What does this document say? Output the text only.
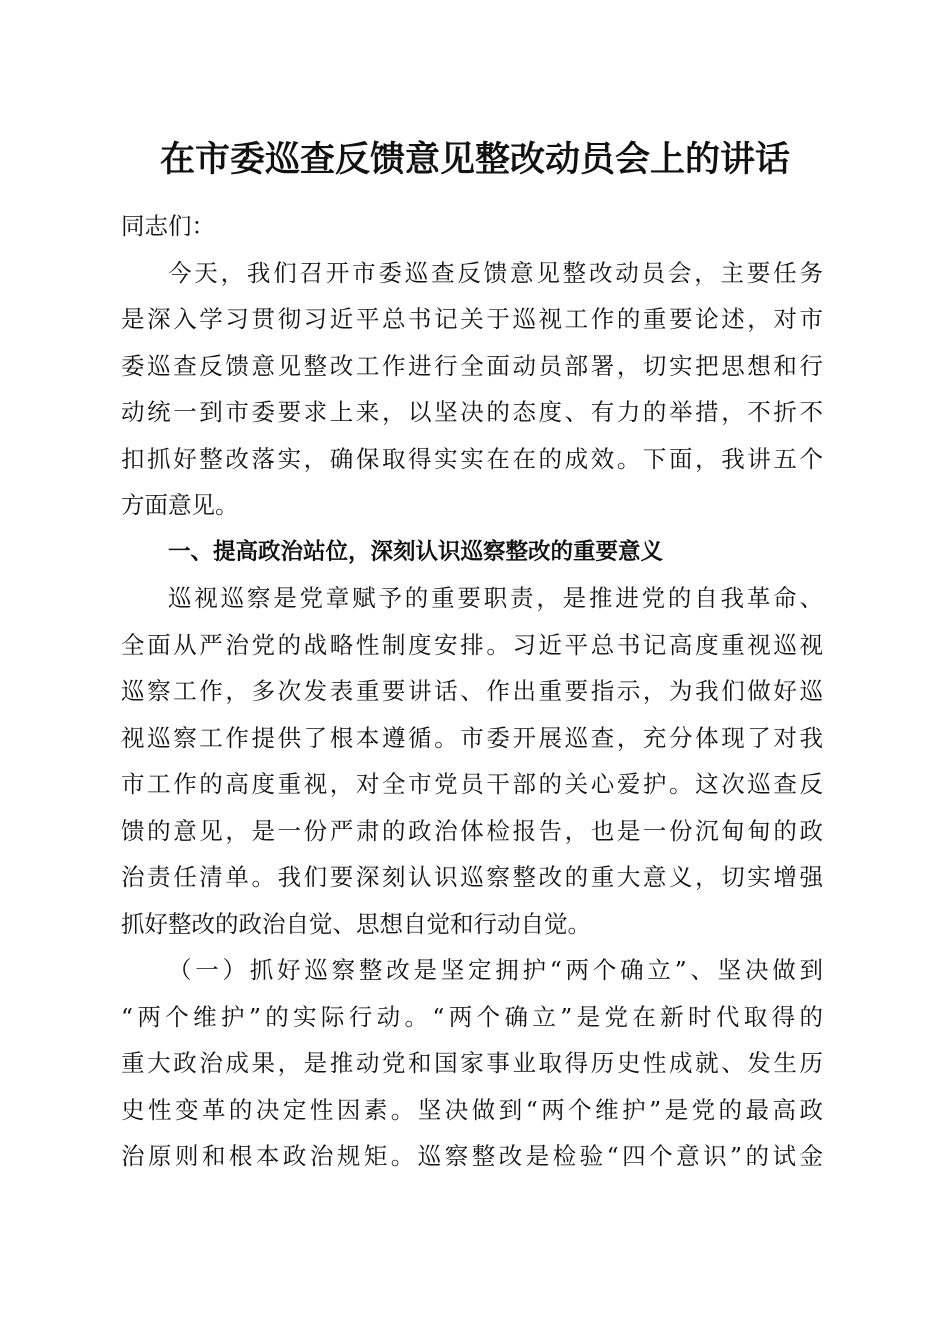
在市委巡查反馈意见整改动员会上的讲话
同志们：
今天，我们召开市委巡查反馈意见整改动员会，主要任务
是深入学习贯彻习近平总书记关于巡视工作的重要论述，对市
委巡查反馈意见整改工作进行全面动员部署，切实把思想和行
动统一到市委要求上来，以坚决的态度、有力的举措，不折不
扣抓好整改落实，确保取得实实在在的成效。下面，我讲五个
方面意见。
一、提高政治站位，深刻认识巡察整改的重要意义
巡视巡察是党章赋予的重要职责，是推进党的自我革命、
全面从严治党的战略性制度安排。习近平总书记高度重视巡视
巡察工作，多次发表重要讲话、作出重要指示，为我们做好巡
视巡察工作提供了根本遵循。市委开展巡查，充分体现了对我
市工作的高度重视，对全市党员干部的关心爱护。这次巡查反
馈的意见，是一份严肃的政治体检报告，也是一份沉甸甸的政
治责任清单。我们要深刻认识巡察整改的重大意义，切实增强
抓好整改的政治自觉、思想自觉和行动自觉。
（一）抓好巡察整改是坚定拥护“两个确立”、坚决做到
“两个维护”的实际行动。“两个确立”是党在新时代取得的
重大政治成果，是推动党和国家事业取得历史性成就、发生历
史性变革的决定性因素。坚决做到“两个维护”是党的最高政
治原则和根本政治规矩。巡察整改是检验“四个意识”的试金
